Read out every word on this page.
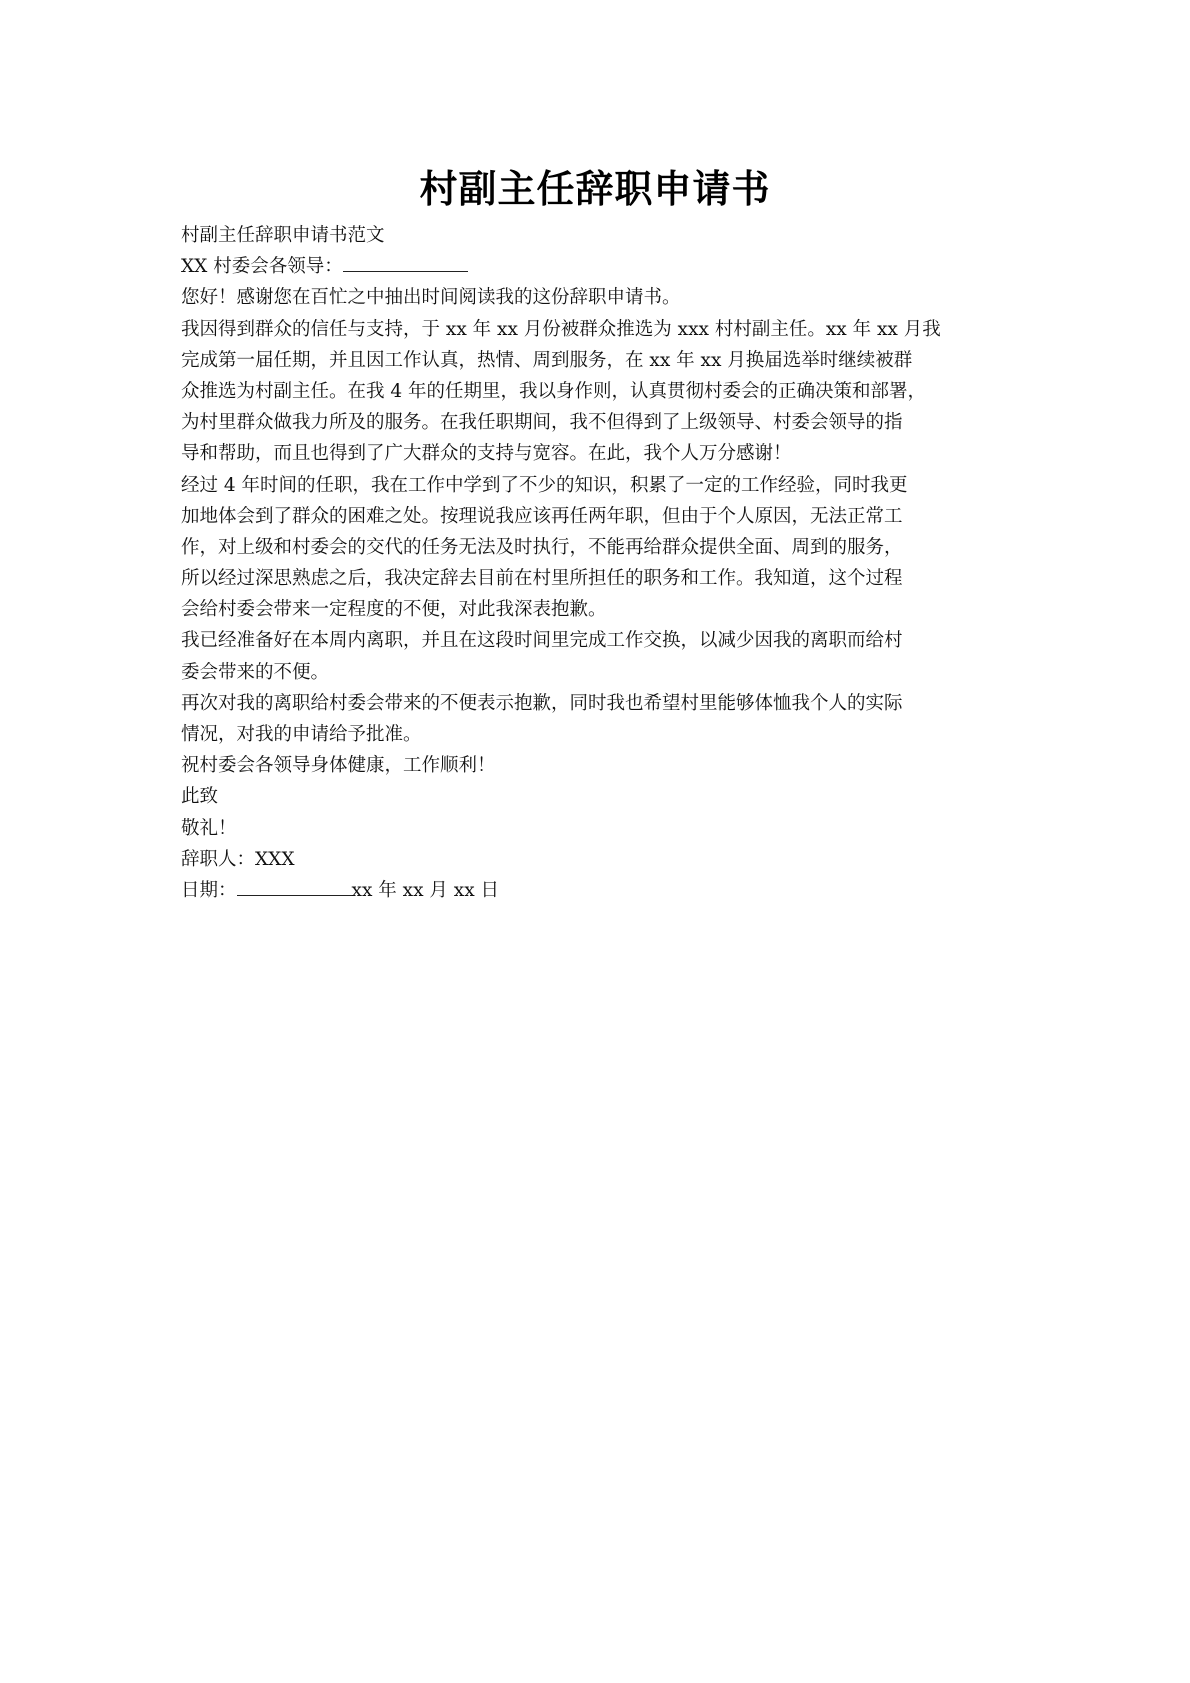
村副主任辞职申请书
村副主任辞职申请书范文
XX 村委会各领导：
您好！感谢您在百忙之中抽出时间阅读我的这份辞职申请书。
我因得到群众的信任与支持，于 xx 年 xx 月份被群众推选为 xxx 村村副主任。xx 年 xx 月我
完成第一届任期，并且因工作认真，热情、周到服务，在 xx 年 xx 月换届选举时继续被群
众推选为村副主任。在我 4 年的任期里，我以身作则，认真贯彻村委会的正确决策和部署，
为村里群众做我力所及的服务。在我任职期间，我不但得到了上级领导、村委会领导的指
导和帮助，而且也得到了广大群众的支持与宽容。在此，我个人万分感谢！
经过 4 年时间的任职，我在工作中学到了不少的知识，积累了一定的工作经验，同时我更
加地体会到了群众的困难之处。按理说我应该再任两年职，但由于个人原因，无法正常工
作，对上级和村委会的交代的任务无法及时执行，不能再给群众提供全面、周到的服务，
所以经过深思熟虑之后，我决定辞去目前在村里所担任的职务和工作。我知道，这个过程
会给村委会带来一定程度的不便，对此我深表抱歉。
我已经准备好在本周内离职，并且在这段时间里完成工作交换，以减少因我的离职而给村
委会带来的不便。
再次对我的离职给村委会带来的不便表示抱歉，同时我也希望村里能够体恤我个人的实际
情况，对我的申请给予批准。
祝村委会各领导身体健康，工作顺利！
此致
敬礼！
辞职人：XXX
日期：	xx 年 xx 月 xx 日
